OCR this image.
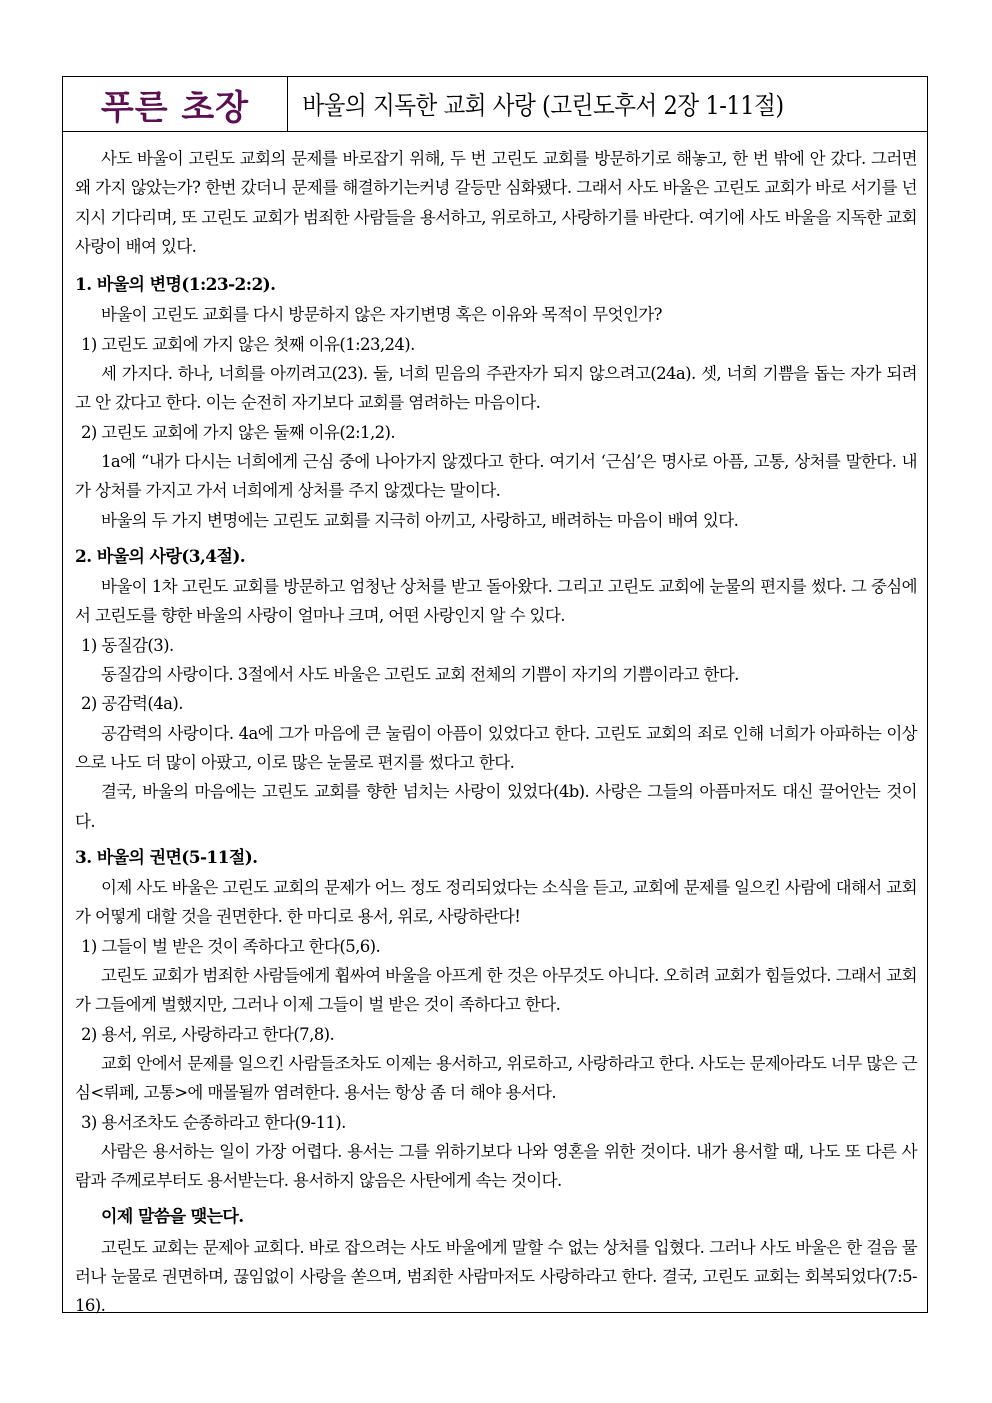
푸른 초장	바울의 지독한 교회 사랑 (고린도후서 2장 1-11절)

사도 바울이 고린도 교회의 문제를 바로잡기 위해, 두 번 고린도 교회를 방문하기로 해놓고, 한 번 밖에 안 갔다. 그러면 왜 가지 않았는가? 한번 갔더니 문제를 해결하기는커녕 갈등만 심화됐다. 그래서 사도 바울은 고린도 교회가 바로 서기를 넌지시 기다리며, 또 고린도 교회가 범죄한 사람들을 용서하고, 위로하고, 사랑하기를 바란다. 여기에 사도 바울을 지독한 교회 사랑이 배여 있다.

1. 바울의 변명(1:23-2:2).

바울이 고린도 교회를 다시 방문하지 않은 자기변명 혹은 이유와 목적이 무엇인가?

1) 고린도 교회에 가지 않은 첫째 이유(1:23,24).

세 가지다. 하나, 너희를 아끼려고(23). 둘, 너희 믿음의 주관자가 되지 않으려고(24a). 셋, 너희 기쁨을 돕는 자가 되려고 안 갔다고 한다. 이는 순전히 자기보다 교회를 염려하는 마음이다.

2) 고린도 교회에 가지 않은 둘째 이유(2:1,2).

1a에 “내가 다시는 너희에게 근심 중에 나아가지 않겠다고 한다. 여기서 ‘근심’은 명사로 아픔, 고통, 상처를 말한다. 내가 상처를 가지고 가서 너희에게 상처를 주지 않겠다는 말이다.

바울의 두 가지 변명에는 고린도 교회를 지극히 아끼고, 사랑하고, 배려하는 마음이 배여 있다.

2. 바울의 사랑(3,4절).

바울이 1차 고린도 교회를 방문하고 엄청난 상처를 받고 돌아왔다. 그리고 고린도 교회에 눈물의 편지를 썼다. 그 중심에서 고린도를 향한 바울의 사랑이 얼마나 크며, 어떤 사랑인지 알 수 있다.

1) 동질감(3).

동질감의 사랑이다. 3절에서 사도 바울은 고린도 교회 전체의 기쁨이 자기의 기쁨이라고 한다.

2) 공감력(4a).

공감력의 사랑이다. 4a에 그가 마음에 큰 눌림이 아픔이 있었다고 한다. 고린도 교회의 죄로 인해 너희가 아파하는 이상으로 나도 더 많이 아팠고, 이로 많은 눈물로 편지를 썼다고 한다.

결국, 바울의 마음에는 고린도 교회를 향한 넘치는 사랑이 있었다(4b). 사랑은 그들의 아픔마저도 대신 끌어안는 것이다.

3. 바울의 권면(5-11절).

이제 사도 바울은 고린도 교회의 문제가 어느 정도 정리되었다는 소식을 듣고, 교회에 문제를 일으킨 사람에 대해서 교회가 어떻게 대할 것을 권면한다. 한 마디로 용서, 위로, 사랑하란다!

1) 그들이 벌 받은 것이 족하다고 한다(5,6).

고린도 교회가 범죄한 사람들에게 휩싸여 바울을 아프게 한 것은 아무것도 아니다. 오히려 교회가 힘들었다. 그래서 교회가 그들에게 벌했지만, 그러나 이제 그들이 벌 받은 것이 족하다고 한다.

2) 용서, 위로, 사랑하라고 한다(7,8).

교회 안에서 문제를 일으킨 사람들조차도 이제는 용서하고, 위로하고, 사랑하라고 한다. 사도는 문제아라도 너무 많은 근심<뤼페, 고통>에 매몰될까 염려한다. 용서는 항상 좀 더 해야 용서다.

3) 용서조차도 순종하라고 한다(9-11).

사람은 용서하는 일이 가장 어렵다. 용서는 그를 위하기보다 나와 영혼을 위한 것이다. 내가 용서할 때, 나도 또 다른 사람과 주께로부터도 용서받는다. 용서하지 않음은 사탄에게 속는 것이다.

이제 말씀을 맺는다.

고린도 교회는 문제아 교회다. 바로 잡으려는 사도 바울에게 말할 수 없는 상처를 입혔다. 그러나 사도 바울은 한 걸음 물러나 눈물로 권면하며, 끊임없이 사랑을 쏟으며, 범죄한 사람마저도 사랑하라고 한다. 결국, 고린도 교회는 회복되었다(7:5-16).
